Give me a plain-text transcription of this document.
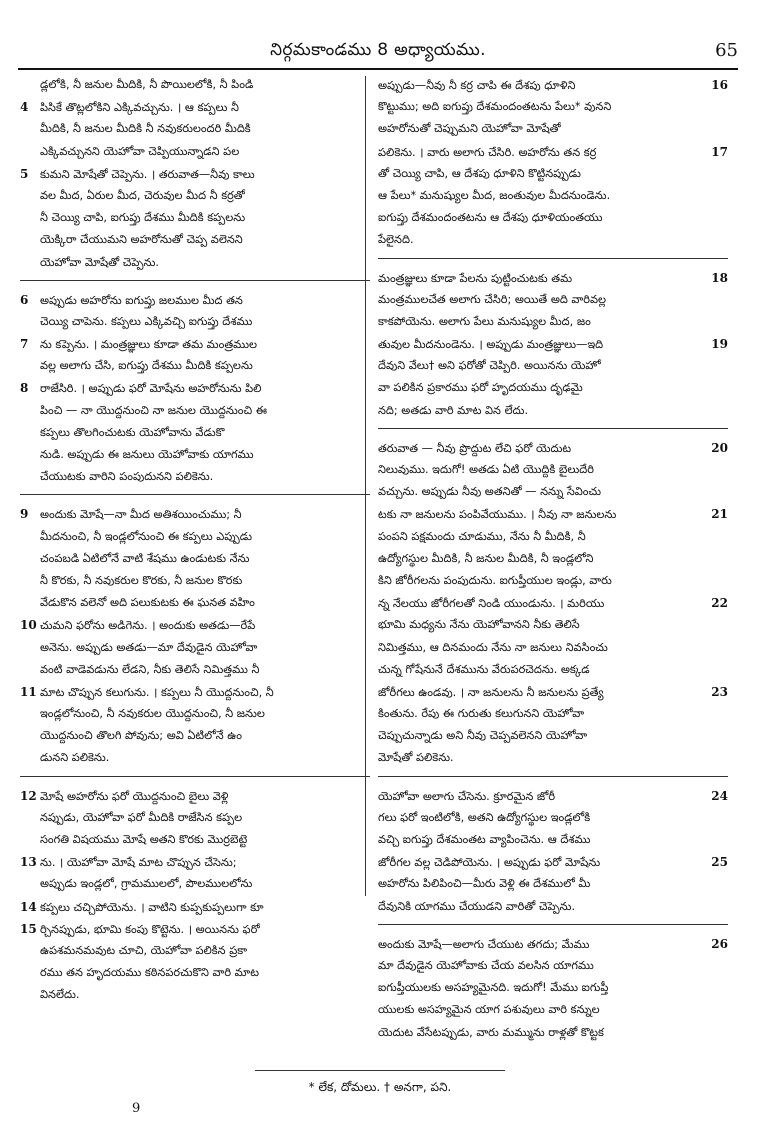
నిర్గమకాండము 8 అధ్యాయము.	65
డ్లలోకి, నీ జనుల మీదికి, నీ పొయిలలోకి, నీ పిండి
4	పిసికే తొట్లలోకిని ఎక్కివచ్చును. । ఆ కప్పలు నీ
మీదికి, నీ జనుల మీదికి నీ నవుకరులందరి మీదికి
ఎక్కివచ్చునని యెహోవా చెప్పియున్నాడని పల
5	కుమని మోషేతో చెప్పెను. । తరువాత—నీవు కాలు
వల మీద, ఏరుల మీద, చెరువుల మీద నీ కర్రతో
నీ చెయ్యి చాపి, ఐగుప్తు దేశము మీదికి కప్పలను
యెక్కిరా చేయుమని అహరోనుతో చెప్ప వలెనని
యెహోవా మోషేతో చెప్పెను.
6	అప్పుడు అహరోను ఐగుప్తు జలముల మీద తన
చెయ్యి చాపెను. కప్పలు ఎక్కివచ్చి ఐగుప్తు దేశము
7	ను కప్పెను. । మంత్రజ్ఞులు కూడా తమ మంత్రముల
వల్ల అలాగు చేసి, ఐగుప్తు దేశము మీదికి కప్పలను
8	రాజేసిరి. । అప్పుడు ఫరో మోషేను అహరోనును పిలి
పించి — నా యొద్దనుంచి నా జనుల యొద్దనుంచి ఈ
కప్పలు తొలగించుటకు యెహోవాను వేడుకొ
నుడి. అప్పుడు ఈ జనులు యెహోవాకు యాగము
చేయుటకు వారిని పంపుదునని పలికెను.
9	అందుకు మోషే—నా మీద అతిశయించుము; నీ
మీదనుంచి, నీ ఇండ్లలోనుంచి ఈ కప్పలు ఎప్పుడు
చంపబడి ఏటిలోనే వాటి శేషము ఉండుటకు నేను
నీ కొరకు, నీ నవుకరుల కొరకు, నీ జనుల కొరకు
వేడుకొన వలెనో అది పలుకుటకు ఈ ఘనత వహిం
10 చుమని ఫరోను అడిగెను. । అందుకు అతడు—రేపే
అనెను. అప్పుడు అతడు—మా దేవుడైన యెహోవా
వంటి వాడెవడును లేడని, నీకు తెలిసే నిమిత్తము నీ
11 మాట చొప్పున కలుగును. । కప్పలు నీ యొద్దనుంచి, నీ
ఇండ్లలోనుంచి, నీ నవుకరుల యొద్దనుంచి, నీ జనుల
యొద్దనుంచి తొలగి పోవును; అవి ఏటిలోనే ఉం
డునని పలికెను.
12 మోషే అహరోను ఫరో యొద్దనుంచి బైలు వెళ్లి
నప్పుడు, యెహోవా ఫరో మీదికి రాజేసిన కప్పల
సంగతి విషయము మోషే అతని కొరకు మొర్రబెట్టె
13 ను. । యెహోవా మోషే మాట చొప్పున చేసెను;
అప్పుడు ఇండ్లలో, గ్రామములలో, పొలములలోను
14 కప్పలు చచ్చిపోయెను. । వాటిని కుప్పకుప్పలుగా కూ
15 ర్చినప్పుడు, భూమి కంపు కొట్టెను. । అయినను ఫరో
ఉపశమనమవుట చూచి, యెహోవా పలికిన ప్రకా
రము తన హృదయము కఠినపరచుకొని వారి మాట
వినలేదు.
అప్పుడు—నీవు నీ కర్ర చాపి ఈ దేశపు ధూళిని	16
కొట్టుము; అది ఐగుప్తు దేశమందంతటను పేలు* వునని
అహరోనుతో చెప్పుమని యెహోవా మోషేతో
పలికెను. । వారు అలాగు చేసిరి. అహరోను తన కర్ర	17
తో చెయ్యి చాపి, ఆ దేశపు ధూళిని కొట్టినప్పుడు
ఆ పేలు* మనుష్యుల మీద, జంతువుల మీదనుండెను.
ఐగుప్తు దేశమందంతటను ఆ దేశపు ధూళియంతయు
పేలైనది.
మంత్రజ్ఞులు కూడా పేలను పుట్టించుటకు తమ	18
మంత్రములచేత అలాగు చేసిరి; అయితే అది వారివల్ల
కాకపోయెను. అలాగు పేలు మనుష్యుల మీద, జం
తువుల మీదనుండెను. । అప్పుడు మంత్రజ్ఞులు—ఇది	19
దేవుని వేలు† అని ఫరోతో చెప్పిరి. అయినను యెహో
వా పలికిన ప్రకారము ఫరో హృదయము దృఢమై
నది; అతడు వారి మాట విన లేదు.
తరువాత — నీవు ప్రొద్దుట లేచి ఫరో యెదుట	20
నిలువుము. ఇదుగో! అతడు ఏటి యొద్దికి బైలుదేరి
వచ్చును. అప్పుడు నీవు అతనితో — నన్ను సేవించు
టకు నా జనులను పంపివేయుము. । నీవు నా జనులను	21
పంపని పక్షమందు చూడుము, నేను నీ మీదికి, నీ
ఉద్యోగస్థుల మీదికి, నీ జనుల మీదికి, నీ ఇండ్లలోని
కిని జోరీగలను పంపుదును. ఐగుప్తీయుల ఇండ్లు, వారు
న్న నేలయు జోరీగలతో నిండి యుండును. । మరియు	22
భూమి మధ్యను నేను యెహోవానని నీకు తెలిసే
నిమిత్తము, ఆ దినమందు నేను నా జనులు నివసించు
చున్న గోషేనునే దేశమును వేరుపరచెదను. అక్కడ
జోరీగలు ఉండవు. । నా జనులను నీ జనులను ప్రత్యే	23
కింతును. రేపు ఈ గురుతు కలుగునని యెహోవా
చెప్పుచున్నాడు అని నీవు చెప్పవలెనని యెహోవా
మోషేతో పలికెను.
యెహోవా అలాగు చేసెను. క్రూరమైన జోరీ	24
గలు ఫరో ఇంటిలోకి, అతని ఉద్యోగస్థుల ఇండ్లలోకి
వచ్చి ఐగుప్తు దేశమంతట వ్యాపించెను. ఆ దేశము
జోరీగల వల్ల చెడిపోయెను. । అప్పుడు ఫరో మోషేను	25
అహరోను పిలిపించి—మీరు వెళ్లి ఈ దేశములో మీ
దేవునికి యాగము చేయుడని వారితో చెప్పెను.
అందుకు మోషే—అలాగు చేయుట తగదు; మేము	26
మా దేవుడైన యెహోవాకు చేయ వలసిన యాగము
ఐగుప్తీయులకు అసహ్యమైనది. ఇదుగో! మేము ఐగుప్తీ
యులకు అసహ్యమైన యాగ పశువులు వారి కన్నుల
యెదుట వేసేటప్పుడు, వారు మమ్మును రాళ్లతో కొట్టక
* లేక, దోమలు. † అనగా, పని.
9
